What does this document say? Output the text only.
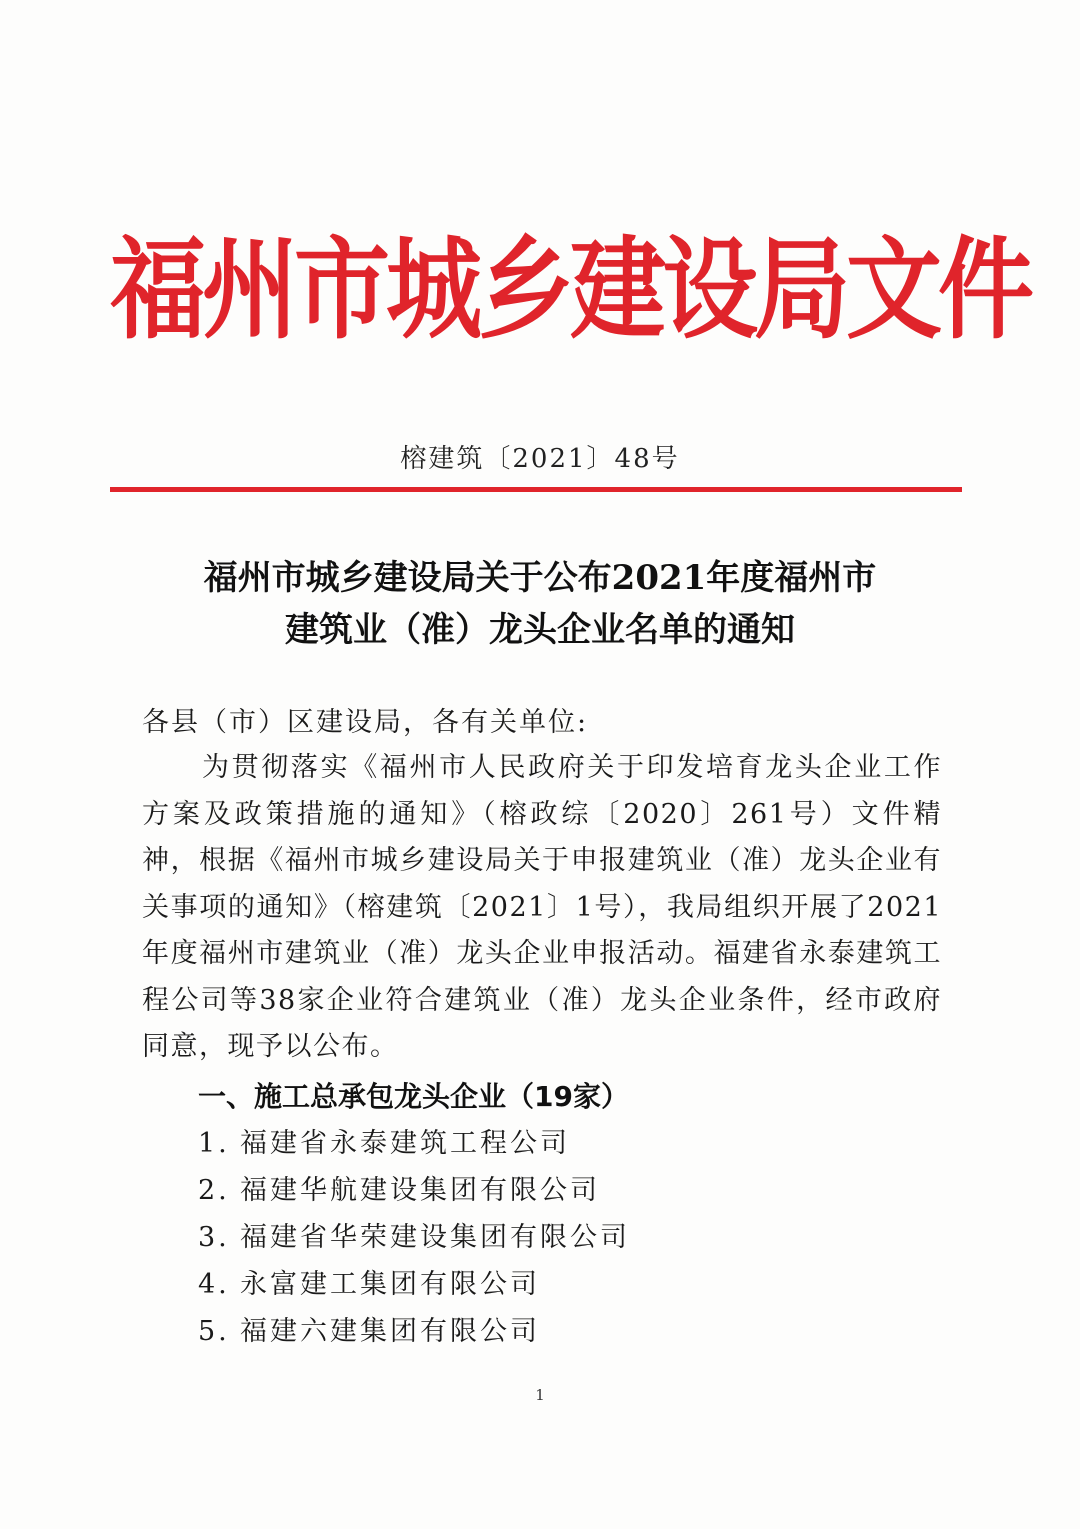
福州市城乡建设局文件
榕建筑〔2021〕48号
福州市城乡建设局关于公布2021年度福州市
建筑业（准）龙头企业名单的通知
各县（市）区建设局，各有关单位:
为贯彻落实《福州市人民政府关于印发培育龙头企业工作方案及政策措施的通知》（榕政综〔2020〕261号）文件精神，根据《福州市城乡建设局关于申报建筑业（准）龙头企业有关事项的通知》（榕建筑〔2021〕1号），我局组织开展了2021年度福州市建筑业（准）龙头企业申报活动。福建省永泰建筑工程公司等38家企业符合建筑业（准）龙头企业条件，经市政府同意，现予以公布。
一、施工总承包龙头企业（19家）
1. 福建省永泰建筑工程公司
2. 福建华航建设集团有限公司
3. 福建省华荣建设集团有限公司
4. 永富建工集团有限公司
5. 福建六建集团有限公司
1
